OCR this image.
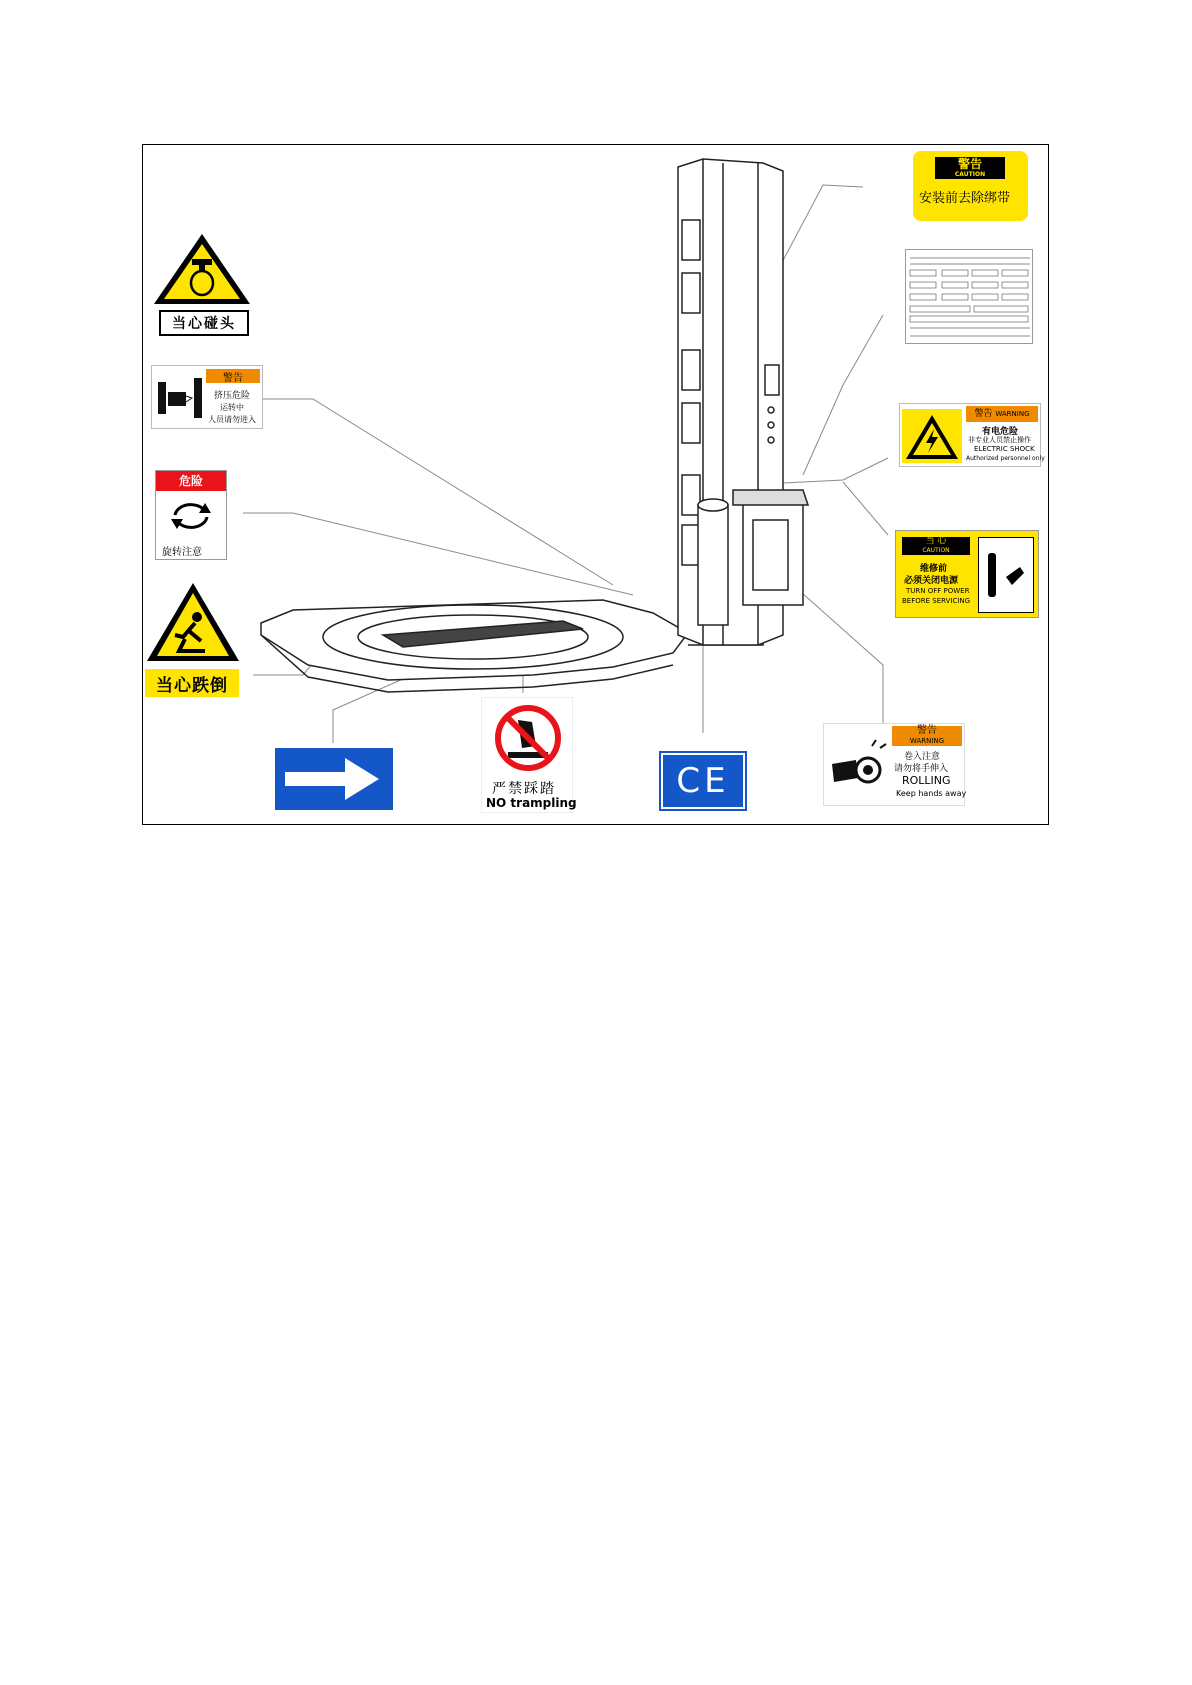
当心碰头
警告
挤压危险
运转中
人员请勿进入
危险
旋转注意
当心跌倒
严禁踩踏
NO trampling
CE
警告
WARNING
卷入注意
请勿将手伸入
ROLLING
Keep hands away
警告
CAUTION
安装前去除绑带
警告 WARNING
有电危险
非专业人员禁止操作
ELECTRIC SHOCK
Authorized personnel only
当 心
CAUTION
维修前
必须关闭电源
TURN OFF POWER
BEFORE SERVICING
